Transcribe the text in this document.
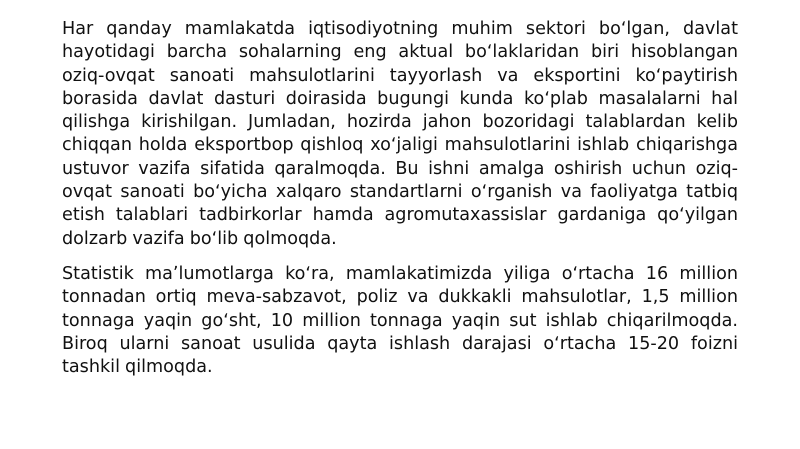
Har qanday mamlakatda iqtisodiyotning muhim sektori boʻlgan, davlat hayotidagi barcha sohalarning eng aktual boʻlaklaridan biri hisoblangan oziq-ovqat sanoati mahsulotlarini tayyorlash va eksportini koʻpaytirish borasida davlat dasturi doirasida bugungi kunda koʻplab masalalarni hal qilishga kirishilgan. Jumladan, hozirda jahon bozoridagi talablardan kelib chiqqan holda eksportbop qishloq xoʻjaligi mahsulotlarini ishlab chiqarishga ustuvor vazifa sifatida qaralmoqda. Bu ishni amalga oshirish uchun oziq-ovqat sanoati boʻyicha xalqaro standartlarni oʻrganish va faoliyatga tatbiq etish talablari tadbirkorlar hamda agromutaxassislar gardaniga qoʻyilgan dolzarb vazifa boʻlib qolmoqda.

Statistik maʼlumotlarga koʻra, mamlakatimizda yiliga oʻrtacha 16 million tonnadan ortiq meva-sabzavot, poliz va dukkakli mahsulotlar, 1,5 million tonnaga yaqin goʻsht, 10 million tonnaga yaqin sut ishlab chiqarilmoqda. Biroq ularni sanoat usulida qayta ishlash darajasi oʻrtacha 15-20 foizni tashkil qilmoqda.
